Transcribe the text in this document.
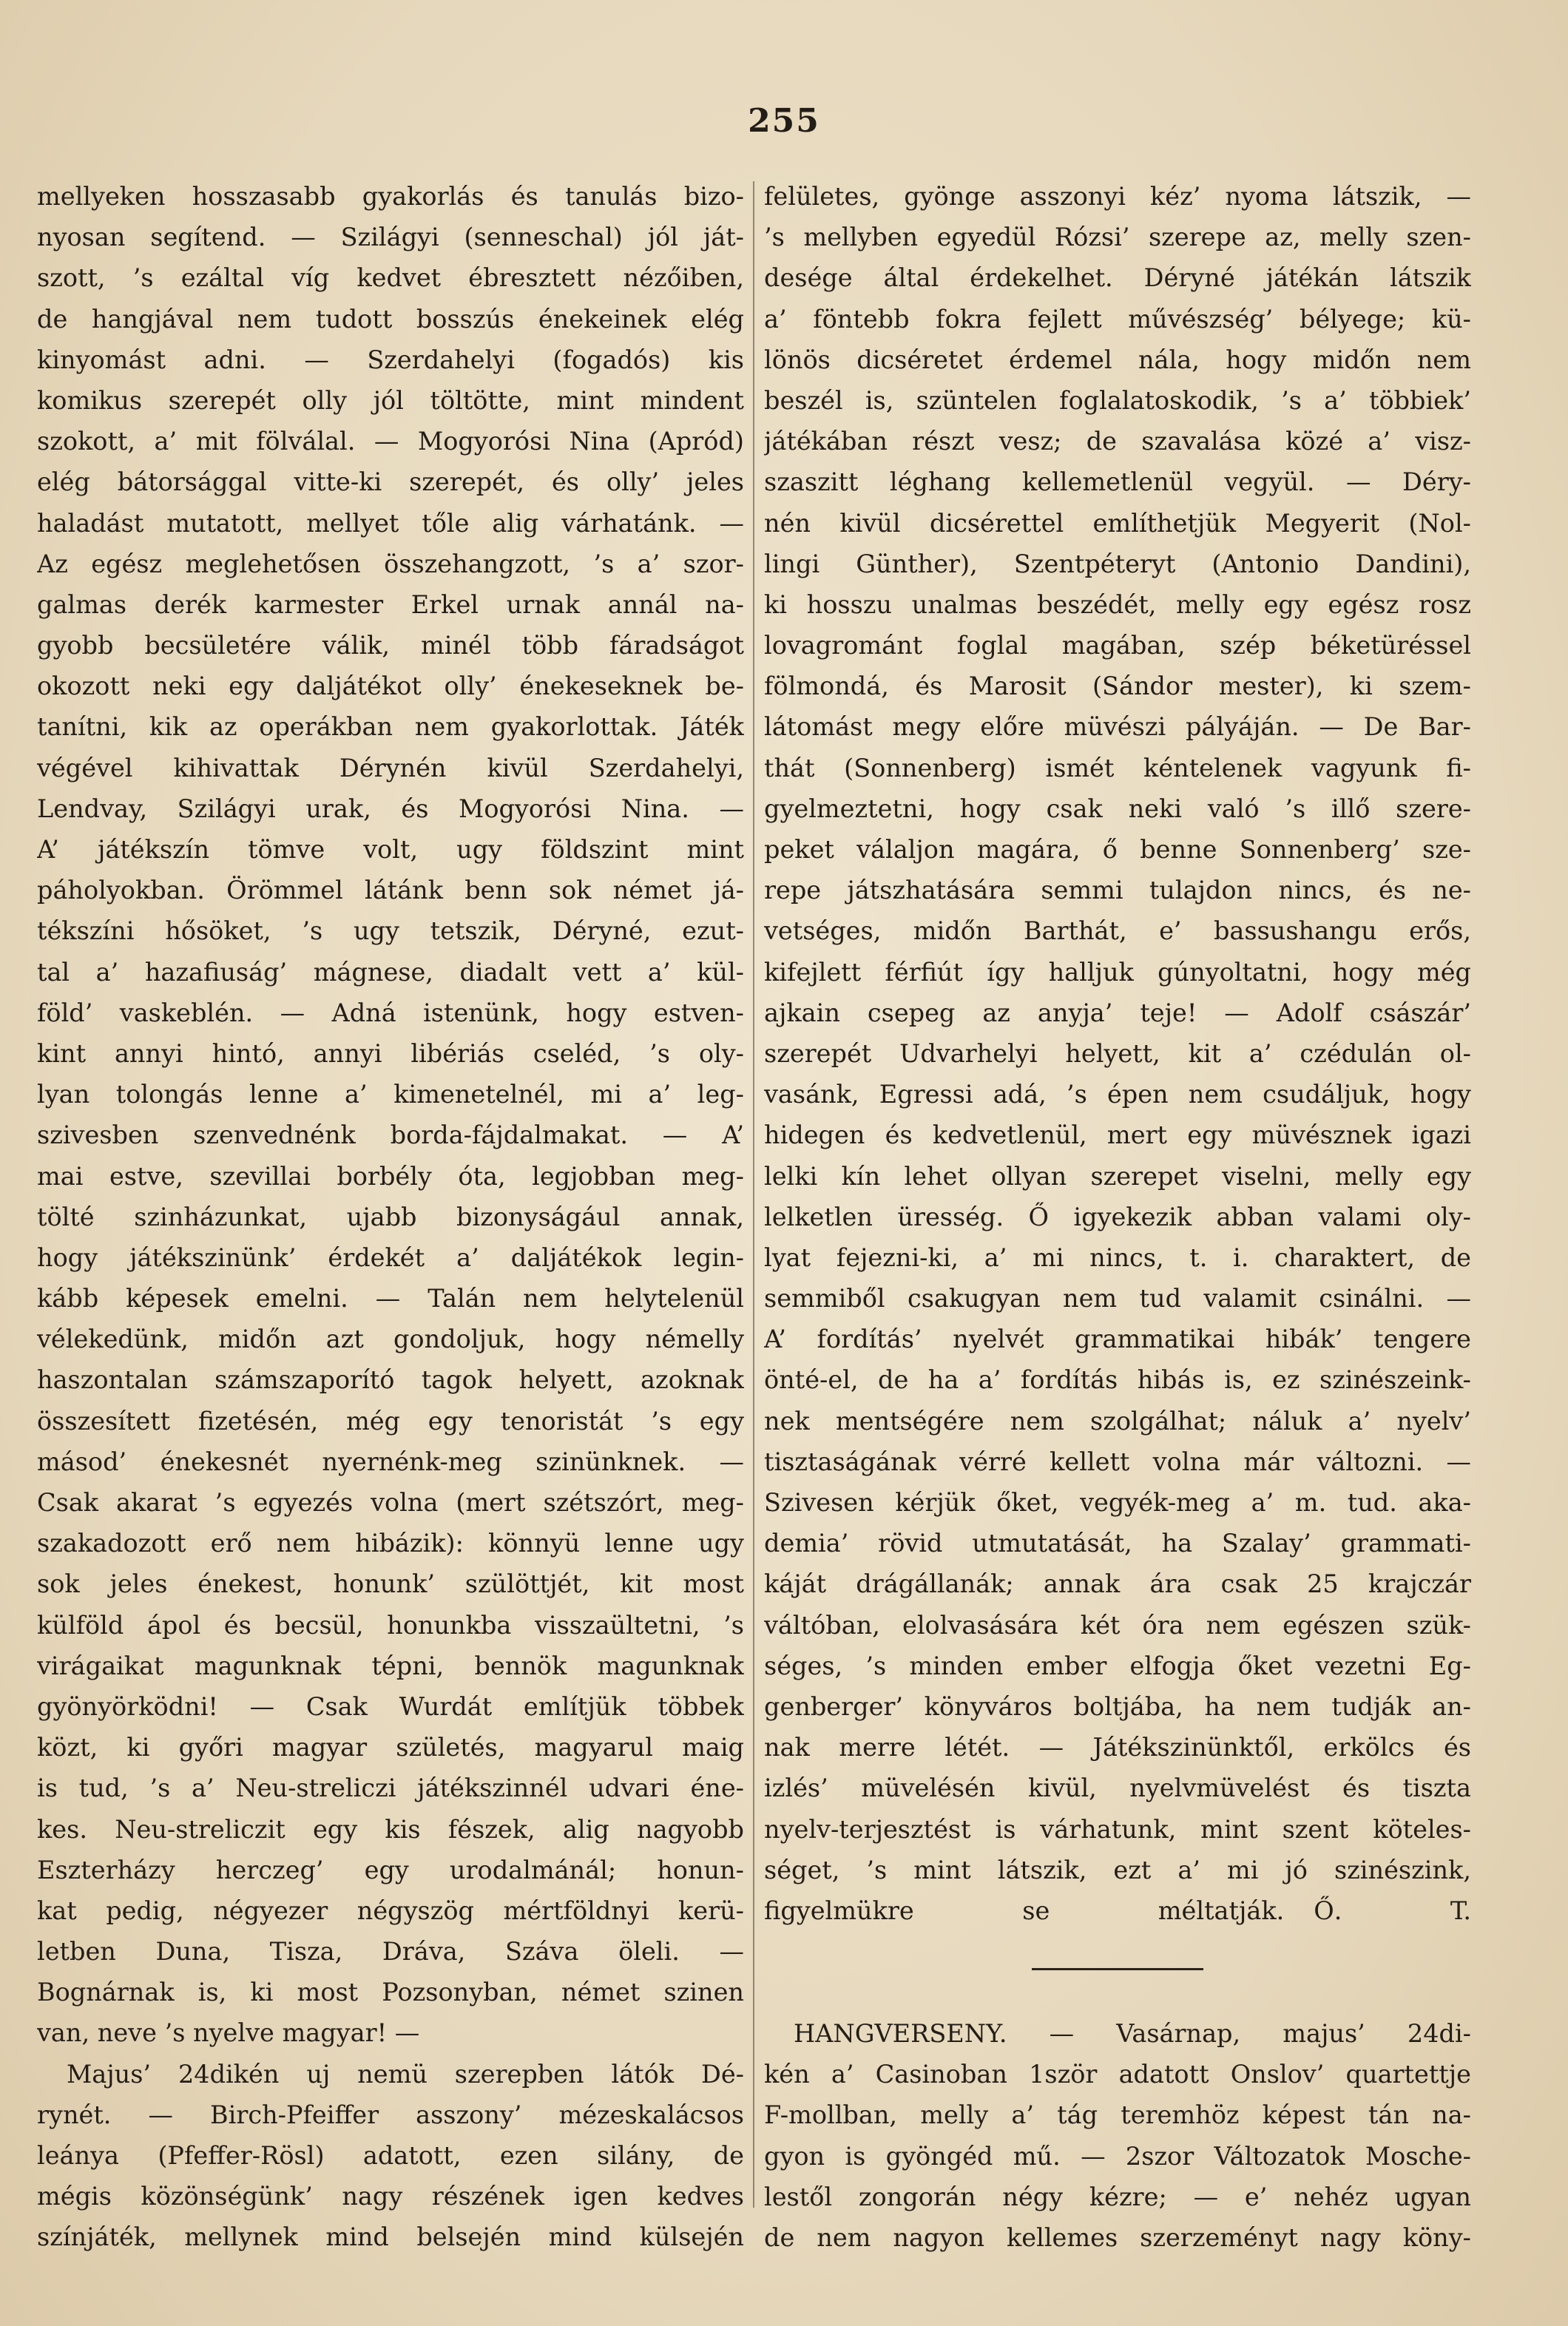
255
mellyeken hosszasabb gyakorlás és tanulás bizo-
nyosan segítend. — Szilágyi (senneschal) jól ját-
szott, ’s ezáltal víg kedvet ébresztett nézőiben,
de hangjával nem tudott bosszús énekeinek elég
kinyomást adni. — Szerdahelyi (fogadós) kis
komikus szerepét olly jól töltötte, mint mindent
szokott, a’ mit fölválal. — Mogyorósi Nina (Apród)
elég bátorsággal vitte-ki szerepét, és olly’ jeles
haladást mutatott, mellyet tőle alig várhatánk. —
Az egész meglehetősen összehangzott, ’s a’ szor-
galmas derék karmester Erkel urnak annál na-
gyobb becsületére válik, minél több fáradságot
okozott neki egy daljátékot olly’ énekeseknek be-
tanítni, kik az operákban nem gyakorlottak. Játék
végével kihivattak Dérynén kivül Szerdahelyi,
Lendvay, Szilágyi urak, és Mogyorósi Nina. —
A’ játékszín tömve volt, ugy földszint mint
páholyokban. Örömmel látánk benn sok német já-
tékszíni hősöket, ’s ugy tetszik, Déryné, ezut-
tal a’ hazafiuság’ mágnese, diadalt vett a’ kül-
föld’ vaskeblén. — Adná istenünk, hogy estven-
kint annyi hintó, annyi libériás cseléd, ’s oly-
lyan tolongás lenne a’ kimenetelnél, mi a’ leg-
szivesben szenvednénk borda-fájdalmakat. — A’
mai estve, szevillai borbély óta, legjobban meg-
tölté szinházunkat, ujabb bizonyságául annak,
hogy játékszinünk’ érdekét a’ daljátékok legin-
kább képesek emelni. — Talán nem helytelenül
vélekedünk, midőn azt gondoljuk, hogy némelly
haszontalan számszaporító tagok helyett, azoknak
összesített fizetésén, még egy tenoristát ’s egy
másod’ énekesnét nyernénk-meg szinünknek. —
Csak akarat ’s egyezés volna (mert szétszórt, meg-
szakadozott erő nem hibázik): könnyü lenne ugy
sok jeles énekest, honunk’ szülöttjét, kit most
külföld ápol és becsül, honunkba visszaültetni, ’s
virágaikat magunknak tépni, bennök magunknak
gyönyörködni! — Csak Wurdát említjük többek
közt, ki győri magyar születés, magyarul maig
is tud, ’s a’ Neu-streliczi játékszinnél udvari éne-
kes. Neu-streliczit egy kis fészek, alig nagyobb
Eszterházy herczeg’ egy urodalmánál; honun-
kat pedig, négyezer négyszög mértföldnyi kerü-
letben Duna, Tisza, Dráva, Száva öleli. —
Bognárnak is, ki most Pozsonyban, német szinen
van, neve ’s nyelve magyar! —
Majus’ 24dikén uj nemü szerepben látók Dé-
rynét. — Birch-Pfeiffer asszony’ mézeskalácsos
leánya (Pfeffer-Rösl) adatott, ezen silány, de
mégis közönségünk’ nagy részének igen kedves
színjáték, mellynek mind belsején mind külsején
felületes, gyönge asszonyi kéz’ nyoma látszik, —
’s mellyben egyedül Rózsi’ szerepe az, melly szen-
desége által érdekelhet. Déryné játékán látszik
a’ föntebb fokra fejlett művészség’ bélyege; kü-
lönös dicséretet érdemel nála, hogy midőn nem
beszél is, szüntelen foglalatoskodik, ’s a’ többiek’
játékában részt vesz; de szavalása közé a’ visz-
szaszitt léghang kellemetlenül vegyül. — Déry-
nén kivül dicsérettel említhetjük Megyerit (Nol-
lingi Günther), Szentpéteryt (Antonio Dandini),
ki hosszu unalmas beszédét, melly egy egész rosz
lovagrománt foglal magában, szép béketüréssel
fölmondá, és Marosit (Sándor mester), ki szem-
látomást megy előre müvészi pályáján. — De Bar-
thát (Sonnenberg) ismét kéntelenek vagyunk fi-
gyelmeztetni, hogy csak neki való ’s illő szere-
peket válaljon magára, ő benne Sonnenberg’ sze-
repe játszhatására semmi tulajdon nincs, és ne-
vetséges, midőn Barthát, e’ bassushangu erős,
kifejlett férfiút így halljuk gúnyoltatni, hogy még
ajkain csepeg az anyja’ teje! — Adolf császár’
szerepét Udvarhelyi helyett, kit a’ czédulán ol-
vasánk, Egressi adá, ’s épen nem csudáljuk, hogy
hidegen és kedvetlenül, mert egy müvésznek igazi
lelki kín lehet ollyan szerepet viselni, melly egy
lelketlen üresség. Ő igyekezik abban valami oly-
lyat fejezni-ki, a’ mi nincs, t. i. charaktert, de
semmiből csakugyan nem tud valamit csinálni. —
A’ fordítás’ nyelvét grammatikai hibák’ tengere
önté-el, de ha a’ fordítás hibás is, ez szinészeink-
nek mentségére nem szolgálhat; náluk a’ nyelv’
tisztaságának vérré kellett volna már változni. —
Szivesen kérjük őket, vegyék-meg a’ m. tud. aka-
demia’ rövid utmutatását, ha Szalay’ grammati-
káját drágállanák; annak ára csak 25 krajczár
váltóban, elolvasására két óra nem egészen szük-
séges, ’s minden ember elfogja őket vezetni Eg-
genberger’ könyváros boltjába, ha nem tudják an-
nak merre létét. — Játékszinünktől, erkölcs és
izlés’ müvelésén kivül, nyelvmüvelést és tiszta
nyelv-terjesztést is várhatunk, mint szent köteles-
séget, ’s mint látszik, ezt a’ mi jó szinészink,
figyelmükre se méltatják. Ő. T.
HANGVERSENY. — Vasárnap, majus’ 24di-
kén a’ Casinoban 1ször adatott Onslov’ quartettje
F-mollban, melly a’ tág teremhöz képest tán na-
gyon is gyöngéd mű. — 2szor Változatok Mosche-
lestől zongorán négy kézre; — e’ nehéz ugyan
de nem nagyon kellemes szerzeményt nagy köny-
